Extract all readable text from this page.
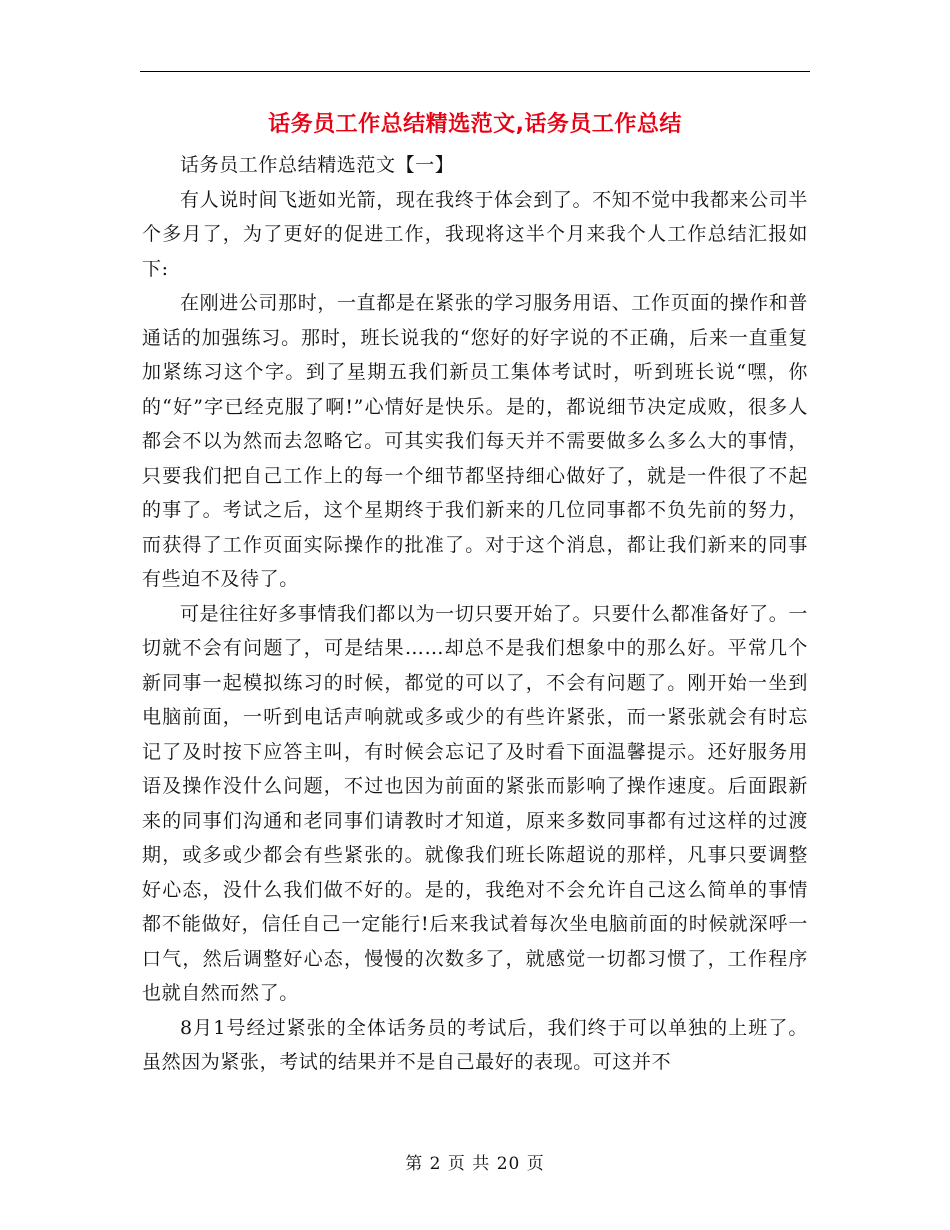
话务员工作总结精选范文,话务员工作总结

话务员工作总结精选范文【一】

有人说时间飞逝如光箭，现在我终于体会到了。不知不觉中我都来公司半个多月了，为了更好的促进工作，我现将这半个月来我个人工作总结汇报如下:

在刚进公司那时，一直都是在紧张的学习服务用语、工作页面的操作和普通话的加强练习。那时，班长说我的“您好的好字说的不正确，后来一直重复加紧练习这个字。到了星期五我们新员工集体考试时，听到班长说“嘿，你的“好”字已经克服了啊!”心情好是快乐。是的，都说细节决定成败，很多人都会不以为然而去忽略它。可其实我们每天并不需要做多么多么大的事情，只要我们把自己工作上的每一个细节都坚持细心做好了，就是一件很了不起的事了。考试之后，这个星期终于我们新来的几位同事都不负先前的努力，而获得了工作页面实际操作的批准了。对于这个消息，都让我们新来的同事有些迫不及待了。

可是往往好多事情我们都以为一切只要开始了。只要什么都准备好了。一切就不会有问题了，可是结果……却总不是我们想象中的那么好。平常几个新同事一起模拟练习的时候，都觉的可以了，不会有问题了。刚开始一坐到电脑前面，一听到电话声响就或多或少的有些许紧张，而一紧张就会有时忘记了及时按下应答主叫，有时候会忘记了及时看下面温馨提示。还好服务用语及操作没什么问题，不过也因为前面的紧张而影响了操作速度。后面跟新来的同事们沟通和老同事们请教时才知道，原来多数同事都有过这样的过渡期，或多或少都会有些紧张的。就像我们班长陈超说的那样，凡事只要调整好心态，没什么我们做不好的。是的，我绝对不会允许自己这么简单的事情都不能做好，信任自己一定能行!后来我试着每次坐电脑前面的时候就深呼一口气，然后调整好心态，慢慢的次数多了，就感觉一切都习惯了，工作程序也就自然而然了。

8月1号经过紧张的全体话务员的考试后，我们终于可以单独的上班了。虽然因为紧张，考试的结果并不是自己最好的表现。可这并不

第 2 页 共 20 页
